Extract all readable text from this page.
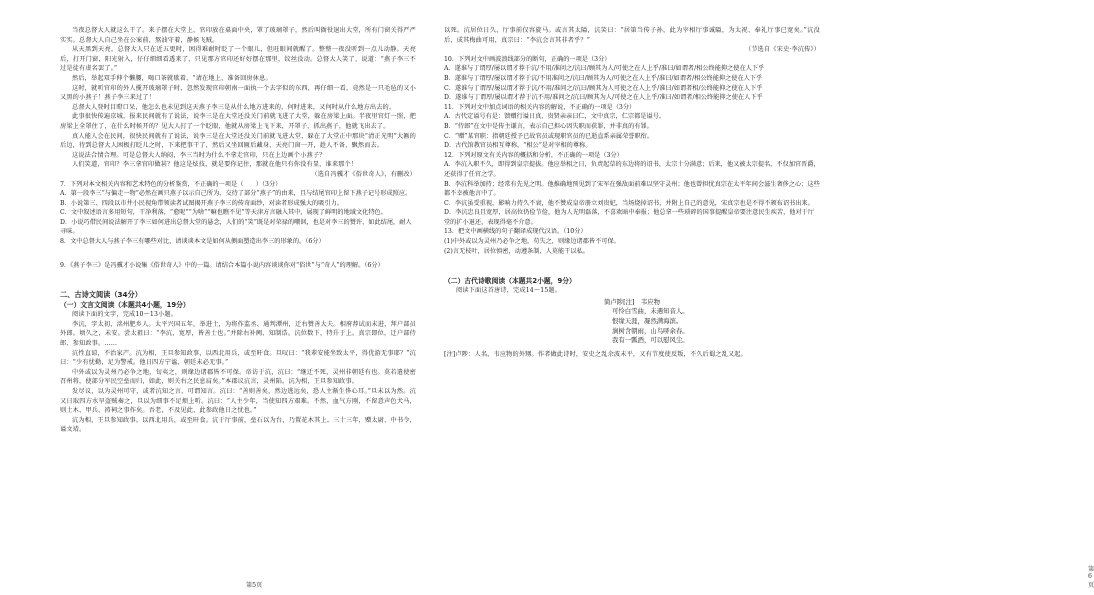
当夜总督大人就这么干了。来子摆在大堂上，官印放在桌面中央，罩了玻璃罩子，然后叫衙役退出大堂，所有门窗关得严严实实。总督大人自己坐在公案前，熬油守着，静候飞贼。

从天黑到天亮，总督大人只在近五更时，困得难耐时眨了一个眼儿，但旺眼间就醒了。整整一夜没听到一点儿动静。天亮后，打开门窗，阳光射入，仔仔细细看透来了，只见那方官印还好好摆在那里，纹丝没动。总督大人笑了，说道：“燕子李三不过是徒有虚名罢了。”

然后，举起双手伸个懒腰，喝口茶就歇着，“请在地上，准备回房休息。

这时，就听官印的外人揽开玻璃罩子时，忽然发现官印朝南一面执一个去字似的东西，再仔细一看，竟然是一只毛毡的又小又黑的小燕子！燕子李三来过了！

总督大人登时目瞪口呆，他怎么也未见到这天燕子李三是从什么地方进来的，何时进来，又何时从什么地方出去的。

此事很快传遍京城，报来民间就有了说法，说李三是在大堂还没关门前就飞进了大堂，躲在房梁上面。半夜里官灯一照，把房梁上全罩住了，在什么时候开的？见大人打了一个眨眼，他就从房梁上飞下来，开罩子，抓出燕子，他就飞出去了。

真人能人会在民间，很快民间就有了说法，说李三是在大堂还没关门前就飞进大堂，躲在了大堂正中那块“清正光明”大匾的后边，待到总督大人困极打眨儿之时，下来把事干了，然后又坐回匾后藏身，天亮门窗一开，趁人不备，飘然而去。

这说法合情合理。可是总督大人纳闷，李三当时为什么不拿走官印，只在上边画个小燕子？

人们笑道，官印？李三拿官印做甚？他这是炫技，就是要你记住，那就在他只有你没有显，谁来那个！

（选自冯骥才《俗世奇人》，有删改）

7．下列对本文相关内容和艺术特色的分析鉴赏，不正确的一项是（　　）（3分）

A．第一段李三“与偏走一物”必然在画只燕子以示自己所为，交待了部分“燕子”的由来，且与结尾官印上留下燕子记号形成照应。

B．小说第三、四段以市井小民视角带领读者试图揭开燕子李三的传奇面纱，对读者形成强大的吸引力。

C．文中叙述语言多用短句，干净利落，“愈呢”“为啥”“嘛也瞧不见”等天津方言融入其中，展现了鲜明的地域文化特色。

D．小说巧借民间说法解开了李三如何进出总督大堂的悬念，人们的“笑”既是对荣禄的嘲讽，也是对李三的赞许，如此结尾，耐人寻味。

8．文中总督大人与燕子李三有哪些对比，请谈谈本文是如何从侧面塑造出李三的形象的。（6分）

9．《燕子李三》是冯骥才小说集《俗世奇人》中的一篇。请结合本篇小说内容谈谈你对“俗世”与“奇人”的理解。（6分）

二、古诗文阅读（34分）

（一）文言文阅读（本题共4小题，19分）

阅读下面的文字，完成10～13小题。

李沆，字太初，洺州肥乡人。太平兴国五年，举进士，为将作监丞、通判潭州，迁右赞善大夫。相府荐试而未进，拜户部员外郎。顷久之，未安。尝太祖曰：“李沆，宽厚，皆善士也。”并除右补阙、知制诰。沆位数下，特升于上。真宗即位，迁户部侍郎、参知政事。……

沆性直谅，不治家产。沆为相，王旦参知政事，以西北用兵，或至旰食。旦叹曰：“我辈安能坐致太平，得优游无事耶？”沆曰：“少有忧勤，足为警戒。他日四方宁谧，朝廷未必无事。”

中外或以为灵州乃必争之地，旬夷之，则缘边诸郡皆不可保。帝访于沆，沆曰：“继迁不死，灵州非朝廷有也。莫若遣使密召州将，使部分军民空垒而归，如此，则关右之民息肩矣。”本郡议沆言，灵州陷。沆为相，王旦参知政事。

发尽议，以为灵州可守，或者沆知之言，可谓知言。沆曰：“善则善矣，然边逃远矣，恐人主渐生侈心耳。”旦未以为然。沆又日取四方水旱盗贼奏之，旦以为细事不足烦上听。沆曰：“人主少年，当使知四方艰难。不然，血气方刚，不留意声色犬马，则土木、甲兵、祷祠之事作矣。吾老，不及见此，此参政他日之忧也。”

沆为相，王旦参知政事。以西北用兵，或至旰食。沆于厅事前，垒石以为台，乃置花木其上。三十三年，赠太尉、中书令，谥文靖。

第5页

以死。沆居位日久，厅事前仅容旋马。或言其太隘，沆笑曰：“居第当传子孙，此为宰相厅事诚隘，为太祝、奉礼厅事已宽矣。”沆没后，成其梅曲可用，真宗曰：“李沆会言其非者乎？”

（节选自《宋史·李沆传》）

10．下列对文中画波浪线部分的断句，正确的一项是（3分）

A．遂谁与丁谓厚/屡以谓才荐于沆/不用/准问之/沆曰/顾其为人/可使之在人上乎/准曰/如谓者/相公终能抑之使在人下乎

B．遂谁与丁谓厚/屡以谓才荐于沆/不用准问之/沆曰/顾其为人/可使之在人上乎/准曰/如谓者/相公终能抑之使在人下乎

C．遂谁与丁谓厚/屡以谓才荐于沆/不用/准问之/沆曰/顾其为人可使之在人上乎/准曰/如谓者相/公终能抑之使在人下乎

D．遂谁与丁谓厚/屡以谓才荐于沆不用/准问之/沆曰/顾其为人/可使之在人上乎/准曰/如谓者/相公终能抑之使在人下乎

11．下列对文中加点词语的相关内容的解说，不正确的一项是（3分）

A．古代定谥号有是：馈赠行谥日真，贵贤亲亲曰仁，文中真宗，仁宗都是谥号。

B．“侍郎”在文中是传主谦言，表示自己担心因失职而获罪，并非真的有罪。

C．“赠”某官职：指朝廷授予已故官员或现职官员的已逝直系亲属荣誉职衔。

D．古代馆教官员相互尊称，“相公”是对宰相的尊称。

12．下列对原文有关内容的概括和分析，不正确的一项是（3分）

A．李沆入职不久，即得到皇宗提拔。他应举相之日，负责起草的东边将的诏书，太宗十分满意；后来，他又被太宗提名，不仅加官晋爵，还获得了任官之学。

B．李沆科举加持；经常有先见之明。他推确地预见到了宋军在强敌面前难以坚守灵州；他也曾担忧真宗在太平年间会滋生奢侈之心；这些都不幸被他言中了。

C．李沆虽受重视，影响力持久不衰，他不赞成皇帝册立刘贵妃，当场烧掉诏书，并附上自己的意见，宋真宗也是不得不颁布诏书出来。

D．李沆忠良且宽厚，居高位仍俭节俭，他为人光明磊落，不喜欢暗中奉报；他总拿一些琐碎的国事提醒皇帝要注意民生疾苦，他对于厅堂的扩小退还，表现得毫不介意。

13．把文中画横线的句子翻译成现代汉语。（10分）

(1)中外或以为灵州乃必争之地，苟失之，则缘边诸郡皆不可保。

(2)言无枝叶，居位慎密，动遵条制，人莫能干以私。

（二）古代诗歌阅读（本题共2小题，9分）

阅读下面这首唐诗，完成14～15题。

简卢陟[注]　韦应物

可怜白雪曲，未遇知音人。

恨缘天涯，凝然满海滨。

涧树含朝雨，山鸟哢余春。

我有一瓢酒，可以慰风尘。

[注]卢陟：人名，韦应物的外甥。作者做此诗时，安史之乱余波未平，又有节度使反叛，不久后蜀之乱又起。

第6页
